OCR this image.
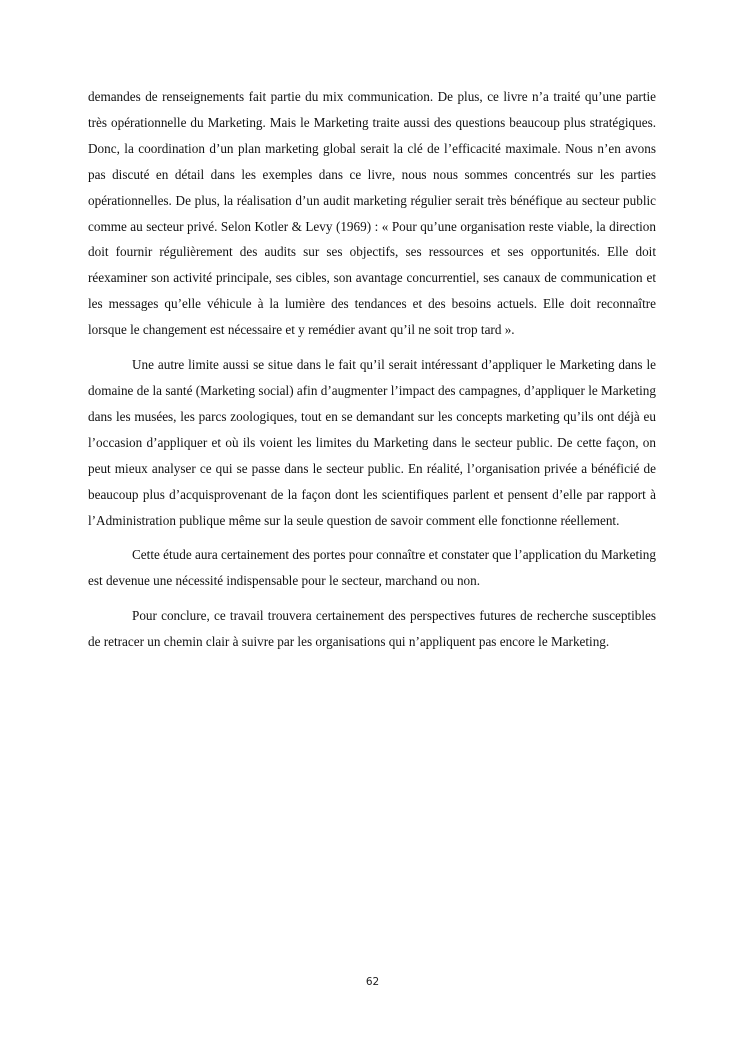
demandes de renseignements fait partie du mix communication. De plus, ce livre n’a traité qu’une partie très opérationnelle du Marketing. Mais le Marketing traite aussi des questions beaucoup plus stratégiques. Donc, la coordination d’un plan marketing global serait la clé de l’efficacité maximale. Nous n’en avons pas discuté en détail dans les exemples dans ce livre, nous nous sommes concentrés sur les parties opérationnelles. De plus, la réalisation d’un audit marketing régulier serait très bénéfique au secteur public comme au secteur privé. Selon Kotler & Levy (1969) : « Pour qu’une organisation reste viable, la direction doit fournir régulièrement des audits sur ses objectifs, ses ressources et ses opportunités. Elle doit réexaminer son activité principale, ses cibles, son avantage concurrentiel, ses canaux de communication et les messages qu’elle véhicule à la lumière des tendances et des besoins actuels. Elle doit reconnaître lorsque le changement est nécessaire et y remédier avant qu’il ne soit trop tard ».

Une autre limite aussi se situe dans le fait qu’il serait intéressant d’appliquer le Marketing dans le domaine de la santé (Marketing social) afin d’augmenter l’impact des campagnes, d’appliquer le Marketing dans les musées, les parcs zoologiques, tout en se demandant sur les concepts marketing qu’ils ont déjà eu l’occasion d’appliquer et où ils voient les limites du Marketing dans le secteur public. De cette façon, on peut mieux analyser ce qui se passe dans le secteur public. En réalité, l’organisation privée a bénéficié de beaucoup plus d’acquisprovenant de la façon dont les scientifiques parlent et pensent d’elle par rapport à l’Administration publique même sur la seule question de savoir comment elle fonctionne réellement.

Cette étude aura certainement des portes pour connaître et constater que l’application du Marketing est devenue une nécessité indispensable pour le secteur, marchand ou non.

Pour conclure, ce travail trouvera certainement des perspectives futures de recherche susceptibles de retracer un chemin clair à suivre par les organisations qui n’appliquent pas encore le Marketing.

62
